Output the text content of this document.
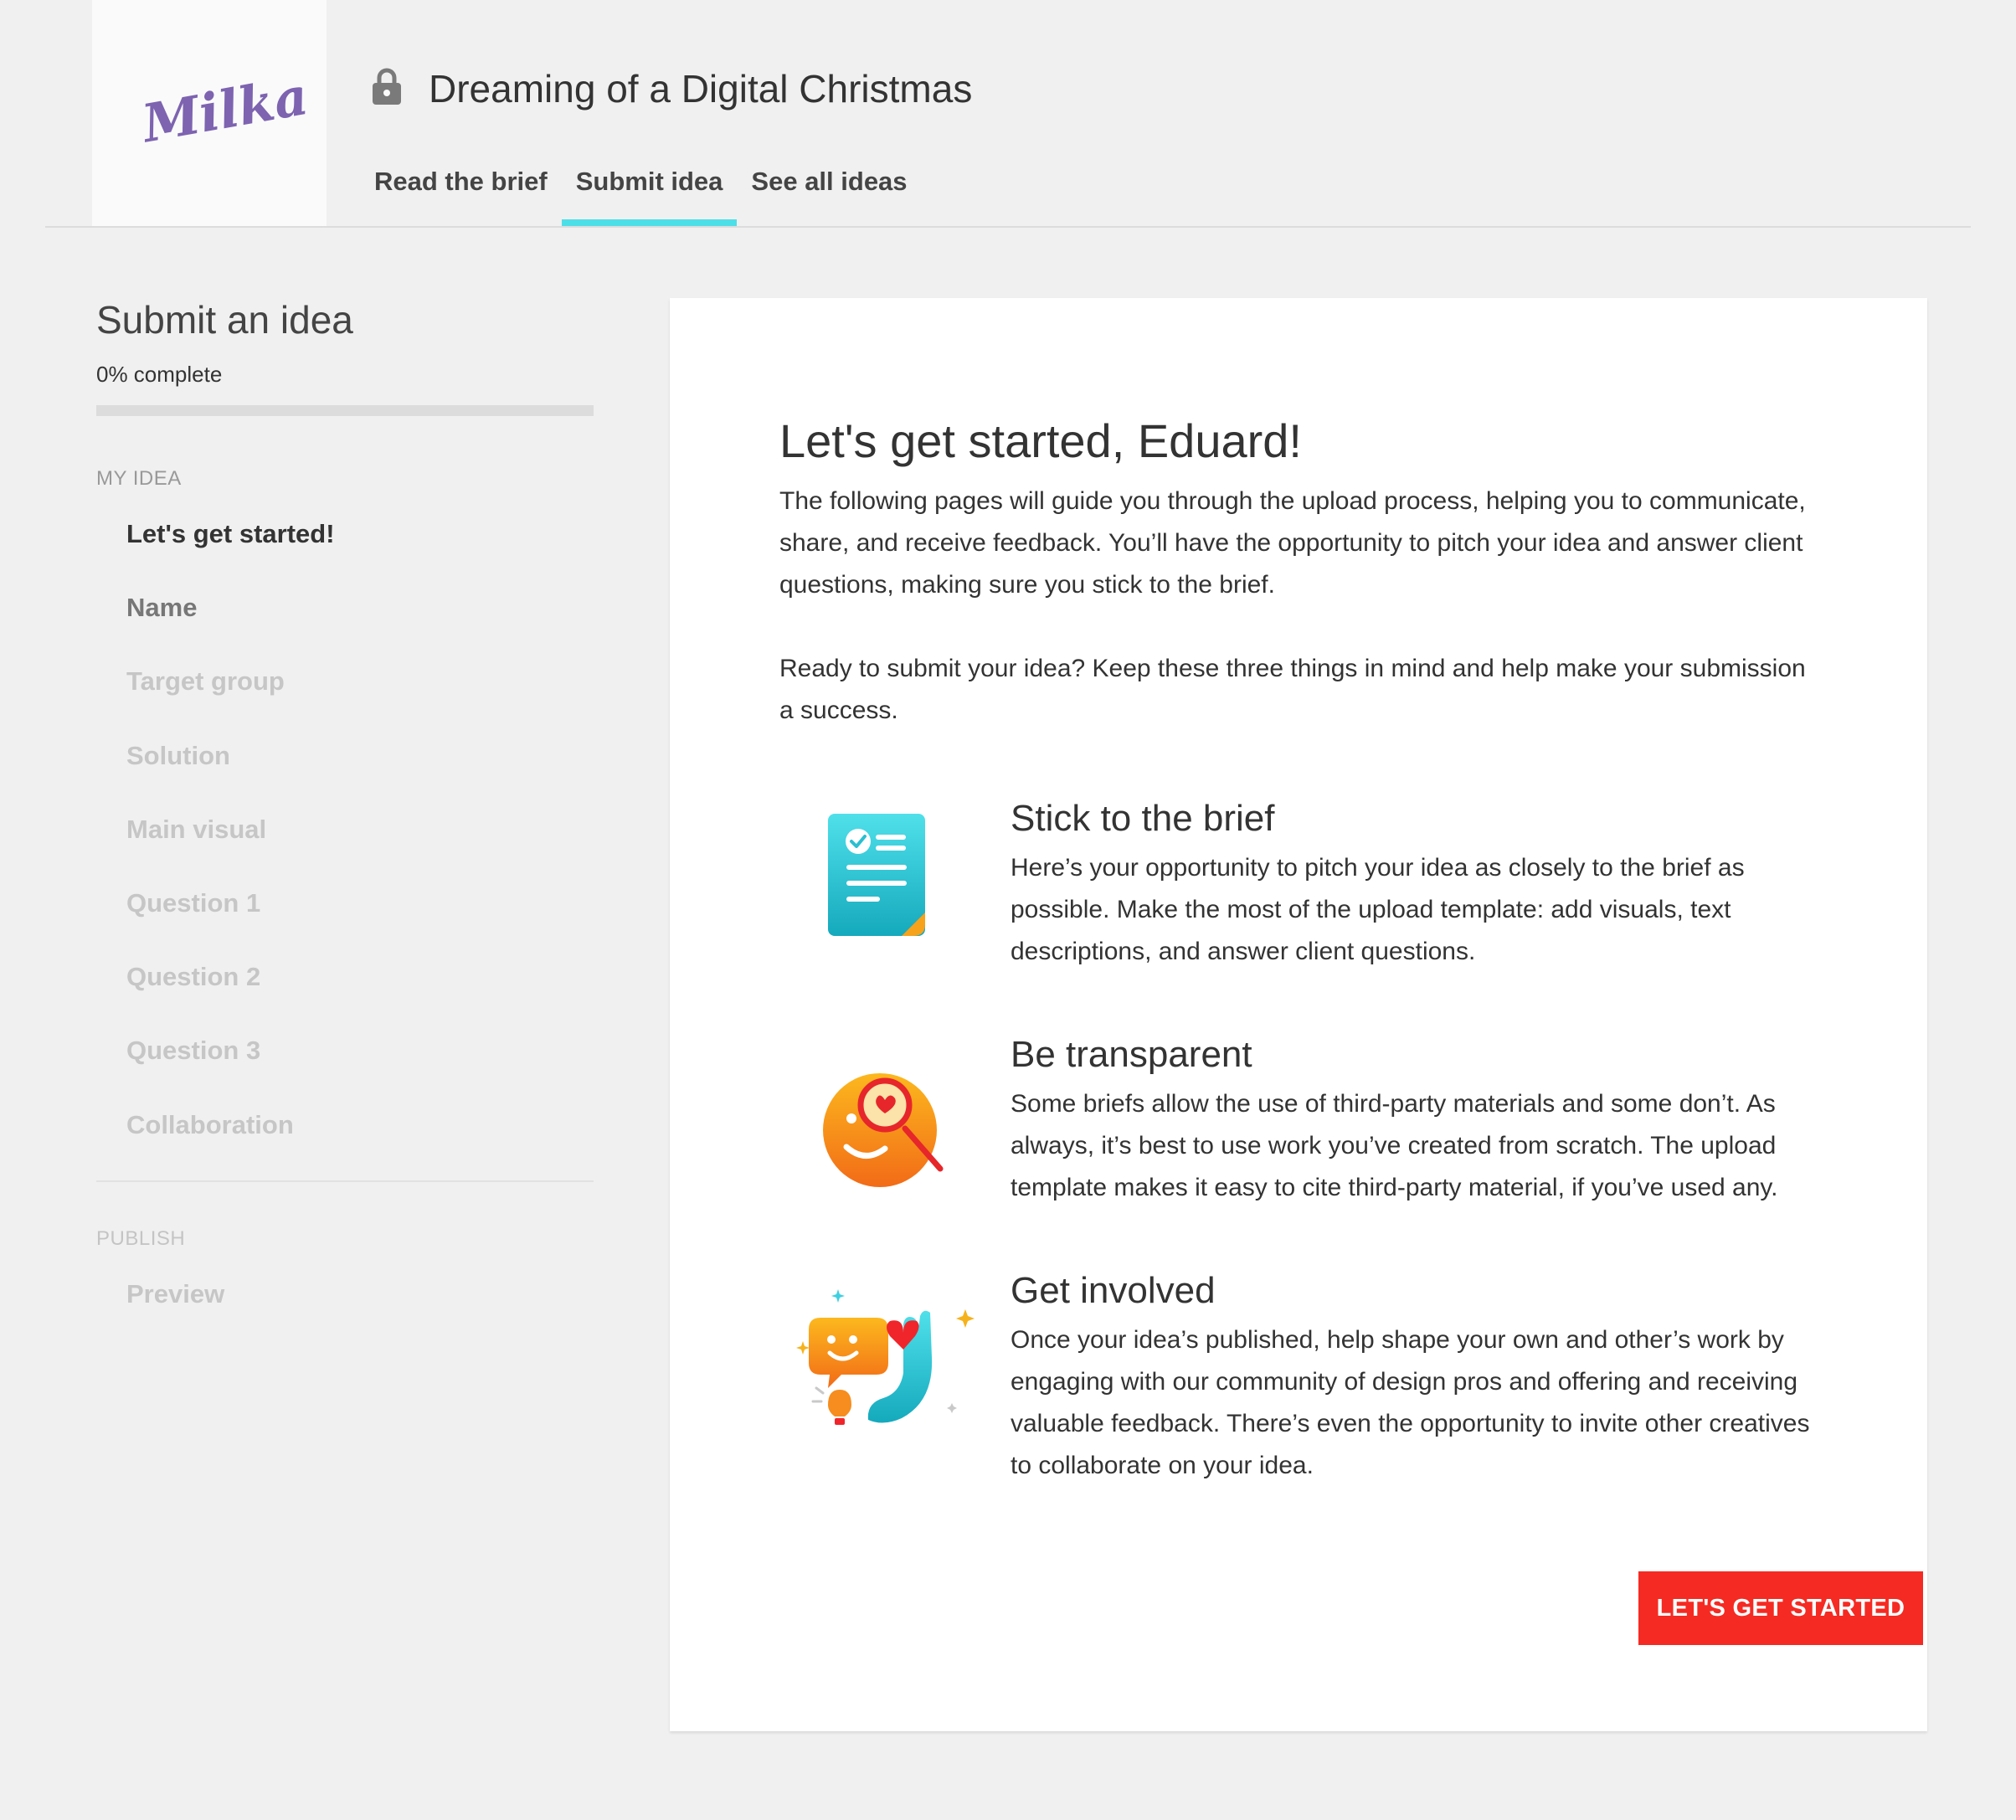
Milka	Dreaming of a Digital Christmas
Read the brief	Submit idea	See all ideas
Submit an idea
0% complete
MY IDEA
Let's get started!
Name
Target group
Solution
Main visual
Question 1
Question 2
Question 3
Collaboration
PUBLISH
Preview
Let's get started, Eduard!

The following pages will guide you through the upload process, helping you to communicate, share, and receive feedback. You’ll have the opportunity to pitch your idea and answer client questions, making sure you stick to the brief.

Ready to submit your idea? Keep these three things in mind and help make your submission a success.

Stick to the brief

Here’s your opportunity to pitch your idea as closely to the brief as possible. Make the most of the upload template: add visuals, text descriptions, and answer client questions.

Be transparent

Some briefs allow the use of third-party materials and some don’t. As always, it’s best to use work you’ve created from scratch. The upload template makes it easy to cite third-party material, if you’ve used any.

Get involved

Once your idea’s published, help shape your own and other’s work by engaging with our community of design pros and offering and receiving valuable feedback. There’s even the opportunity to invite other creatives to collaborate on your idea.

LET'S GET STARTED
